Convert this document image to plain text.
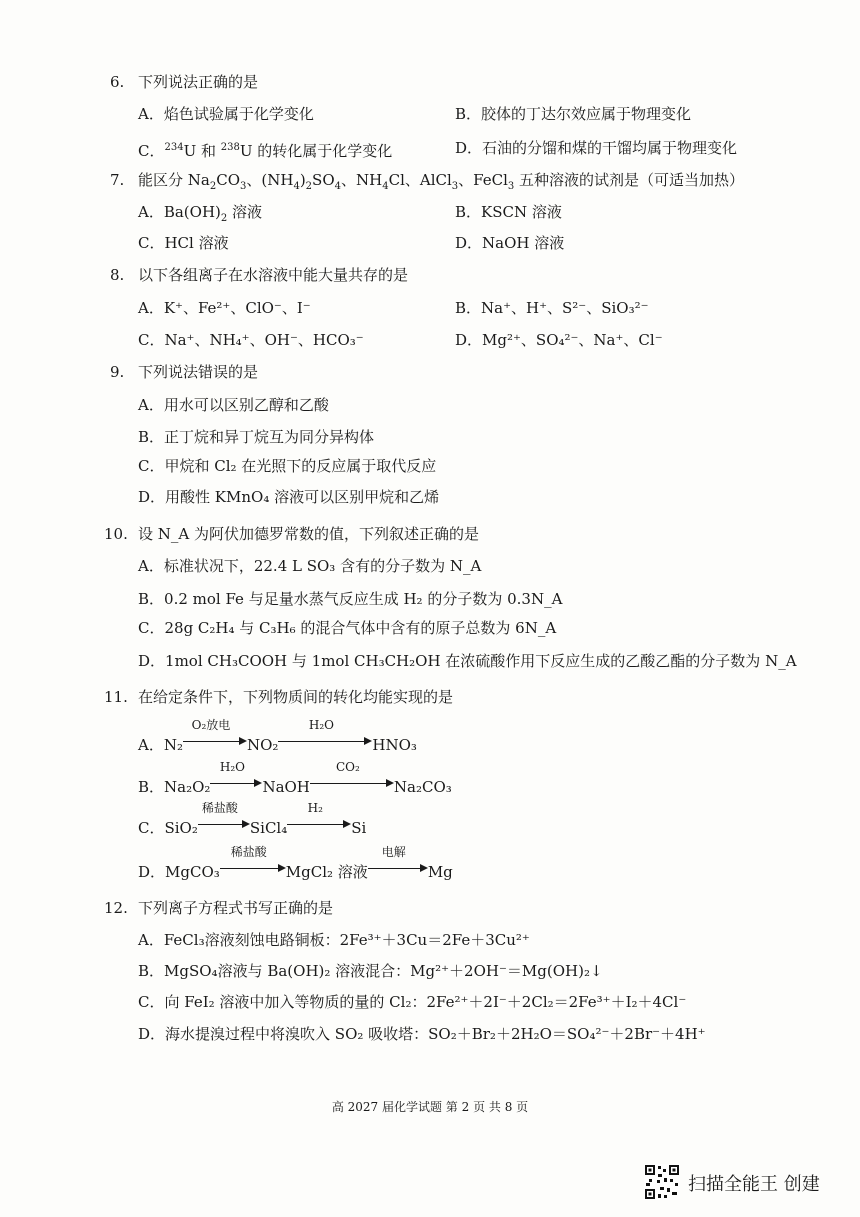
6. 下列说法正确的是
A．焰色试验属于化学变化	B．胶体的丁达尔效应属于物理变化
C．$^{234}$U 和 $^{238}$U 的转化属于化学变化	D．石油的分馏和煤的干馏均属于物理变化
7. 能区分 $Na_2CO_3$、$(NH_4)_2SO_4$、$NH_4Cl$、AlCl$_3$、FeCl$_3$ 五种溶液的试剂是（可适当加热）
A．$Ba(OH)_2$ 溶液	B．KSCN 溶液
C．HCl 溶液	D．NaOH 溶液
8. 以下各组离子在水溶液中能大量共存的是
A．K⁺、Fe²⁺、ClO⁻、I⁻	B．Na⁺、H⁺、S²⁻、SiO₃²⁻
C．Na⁺、NH₄⁺、OH⁻、HCO₃⁻	D．Mg²⁺、SO₄²⁻、Na⁺、Cl⁻
9. 下列说法错误的是
A．用水可以区别乙醇和乙酸
B．正丁烷和异丁烷互为同分异构体
C．甲烷和 Cl₂ 在光照下的反应属于取代反应
D．用酸性 KMnO₄ 溶液可以区别甲烷和乙烯
10. 设 N_A 为阿伏加德罗常数的值，下列叙述正确的是
A．标准状况下，22.4 L SO₃ 含有的分子数为 N_A
B．0.2 mol Fe 与足量水蒸气反应生成 H₂ 的分子数为 0.3N_A
C．28g C₂H₄ 与 C₃H₆ 的混合气体中含有的原子总数为 6N_A
D．1mol CH₃COOH 与 1mol CH₃CH₂OH 在浓硫酸作用下反应生成的乙酸乙酯的分子数为 N_A
11. 在给定条件下，下列物质间的转化均能实现的是
A．N₂
O₂放电
NO₂
H₂O
HNO₃
B．Na₂O₂
H₂O
NaOH
CO₂
Na₂CO₃
C．SiO₂
稀盐酸
SiCl₄
H₂
Si
D．MgCO₃
稀盐酸
MgCl₂ 溶液
电解
Mg
12. 下列离子方程式书写正确的是
A．FeCl₃溶液刻蚀电路铜板：2Fe³⁺＋3Cu＝2Fe＋3Cu²⁺
B．MgSO₄溶液与 Ba(OH)₂ 溶液混合：Mg²⁺＋2OH⁻＝Mg(OH)₂↓
C．向 FeI₂ 溶液中加入等物质的量的 Cl₂：2Fe²⁺＋2I⁻＋2Cl₂＝2Fe³⁺＋I₂＋4Cl⁻
D．海水提溴过程中将溴吹入 SO₂ 吸收塔：SO₂＋Br₂＋2H₂O＝SO₄²⁻＋2Br⁻＋4H⁺
高 2027 届化学试题 第 2 页 共 8 页
扫描全能王 创建
